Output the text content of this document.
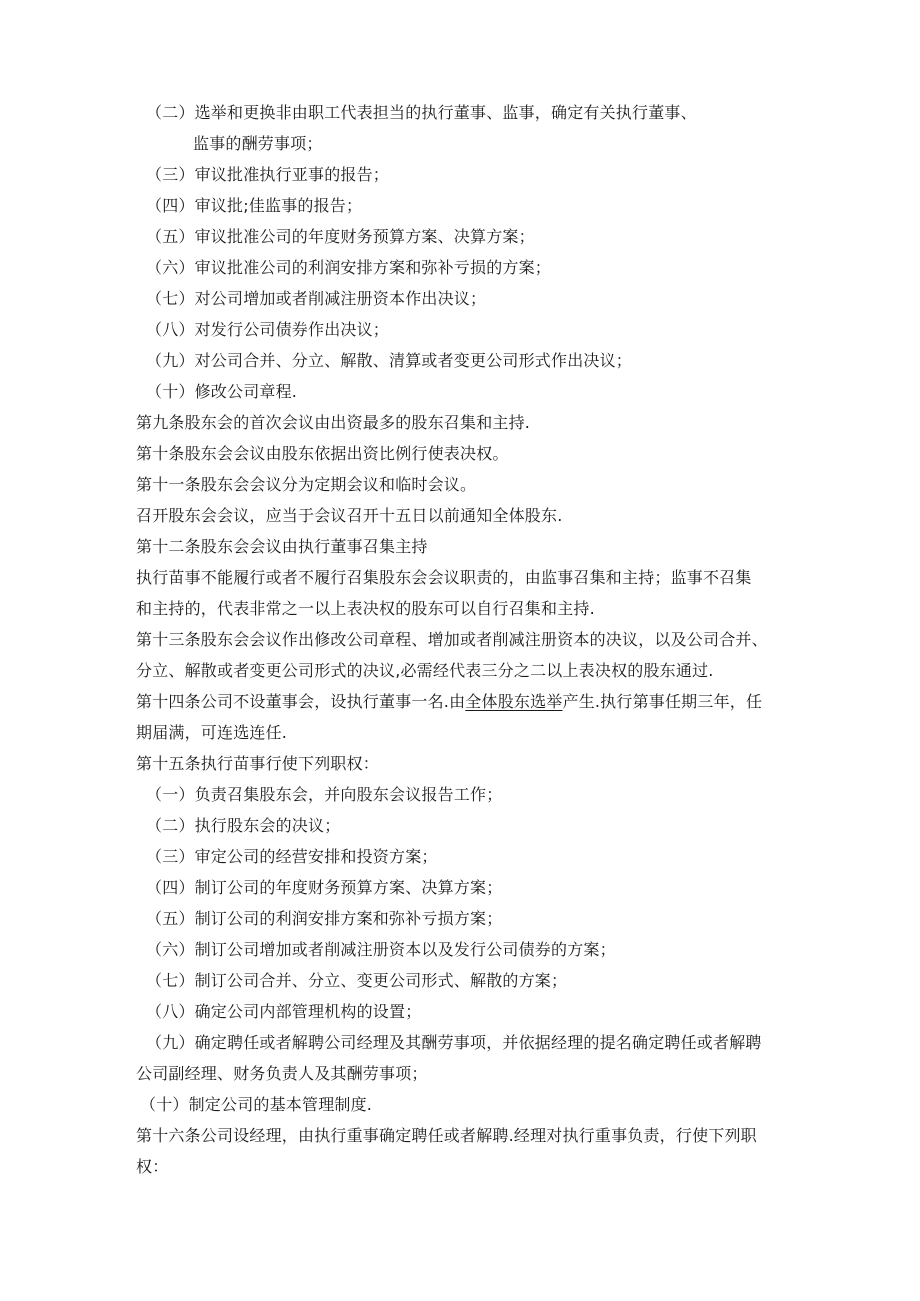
（二）选举和更换非由职工代表担当的执行董事、监事，确定有关执行董事、
监事的酬劳事项；
（三）审议批准执行亚事的报告；
（四）审议批;佳监事的报告；
（五）审议批准公司的年度财务预算方案、决算方案；
（六）审议批准公司的利润安排方案和弥补亏损的方案；
（七）对公司增加或者削减注册资本作出决议；
（八）对发行公司债券作出决议；
（九）对公司合并、分立、解散、清算或者变更公司形式作出决议；
（十）修改公司章程.
第九条股东会的首次会议由出资最多的股东召集和主持.
第十条股东会会议由股东依据出资比例行使表决权。
第十一条股东会会议分为定期会议和临时会议。
召开股东会会议，应当于会议召开十五日以前通知全体股东.
第十二条股东会会议由执行董事召集主持
执行苗事不能履行或者不履行召集股东会会议职责的，由监事召集和主持；监事不召集
和主持的，代表非常之一以上表决权的股东可以自行召集和主持.
第十三条股东会会议作出修改公司章程、增加或者削减注册资本的决议，以及公司合并、
分立、解散或者变更公司形式的决议,必需经代表三分之二以上表决权的股东通过.
第十四条公司不设董事会，设执行董事一名.由全体股东选举产生.执行第事任期三年，任
期届满，可连选连任.
第十五条执行苗事行使下列职权：
（一）负责召集股东会，并向股东会议报告工作；
（二）执行股东会的决议；
（三）审定公司的经营安排和投资方案；
（四）制订公司的年度财务预算方案、决算方案；
（五）制订公司的利润安排方案和弥补亏损方案；
（六）制订公司增加或者削减注册资本以及发行公司债券的方案；
（七）制订公司合并、分立、变更公司形式、解散的方案；
（八）确定公司内部管理机构的设置；
（九）确定聘任或者解聘公司经理及其酬劳事项，并依据经理的提名确定聘任或者解聘
公司副经理、财务负责人及其酬劳事项；
（十）制定公司的基本管理制度.
第十六条公司设经理，由执行重事确定聘任或者解聘.经理对执行重事负责，行使下列职
权：
